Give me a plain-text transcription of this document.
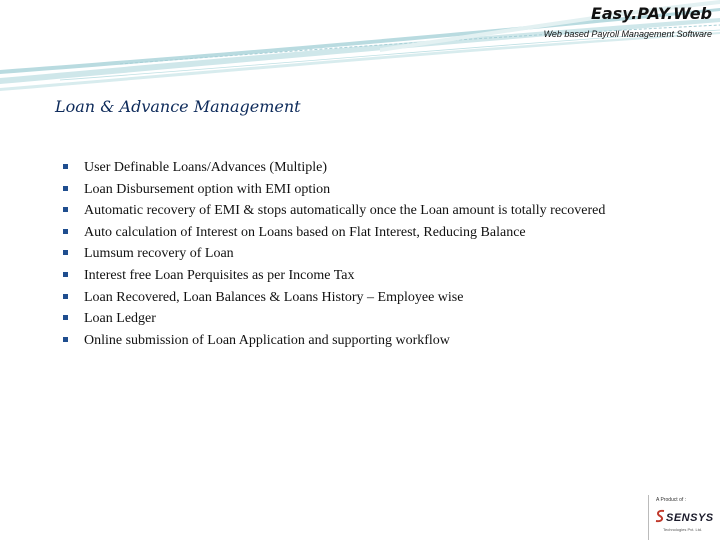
Easy.PAY.Web
Web based Payroll Management Software
Loan & Advance Management
User Definable Loans/Advances (Multiple)
Loan Disbursement option with EMI option
Automatic recovery of EMI & stops automatically once the Loan amount is totally recovered
Auto calculation of Interest on Loans based on Flat Interest, Reducing Balance
Lumsum recovery of Loan
Interest free Loan Perquisites as per Income Tax
Loan Recovered, Loan Balances & Loans History – Employee wise
Loan Ledger
Online submission of Loan Application and supporting workflow
A Product of :
SENSYS
Technologies Pvt. Ltd.
